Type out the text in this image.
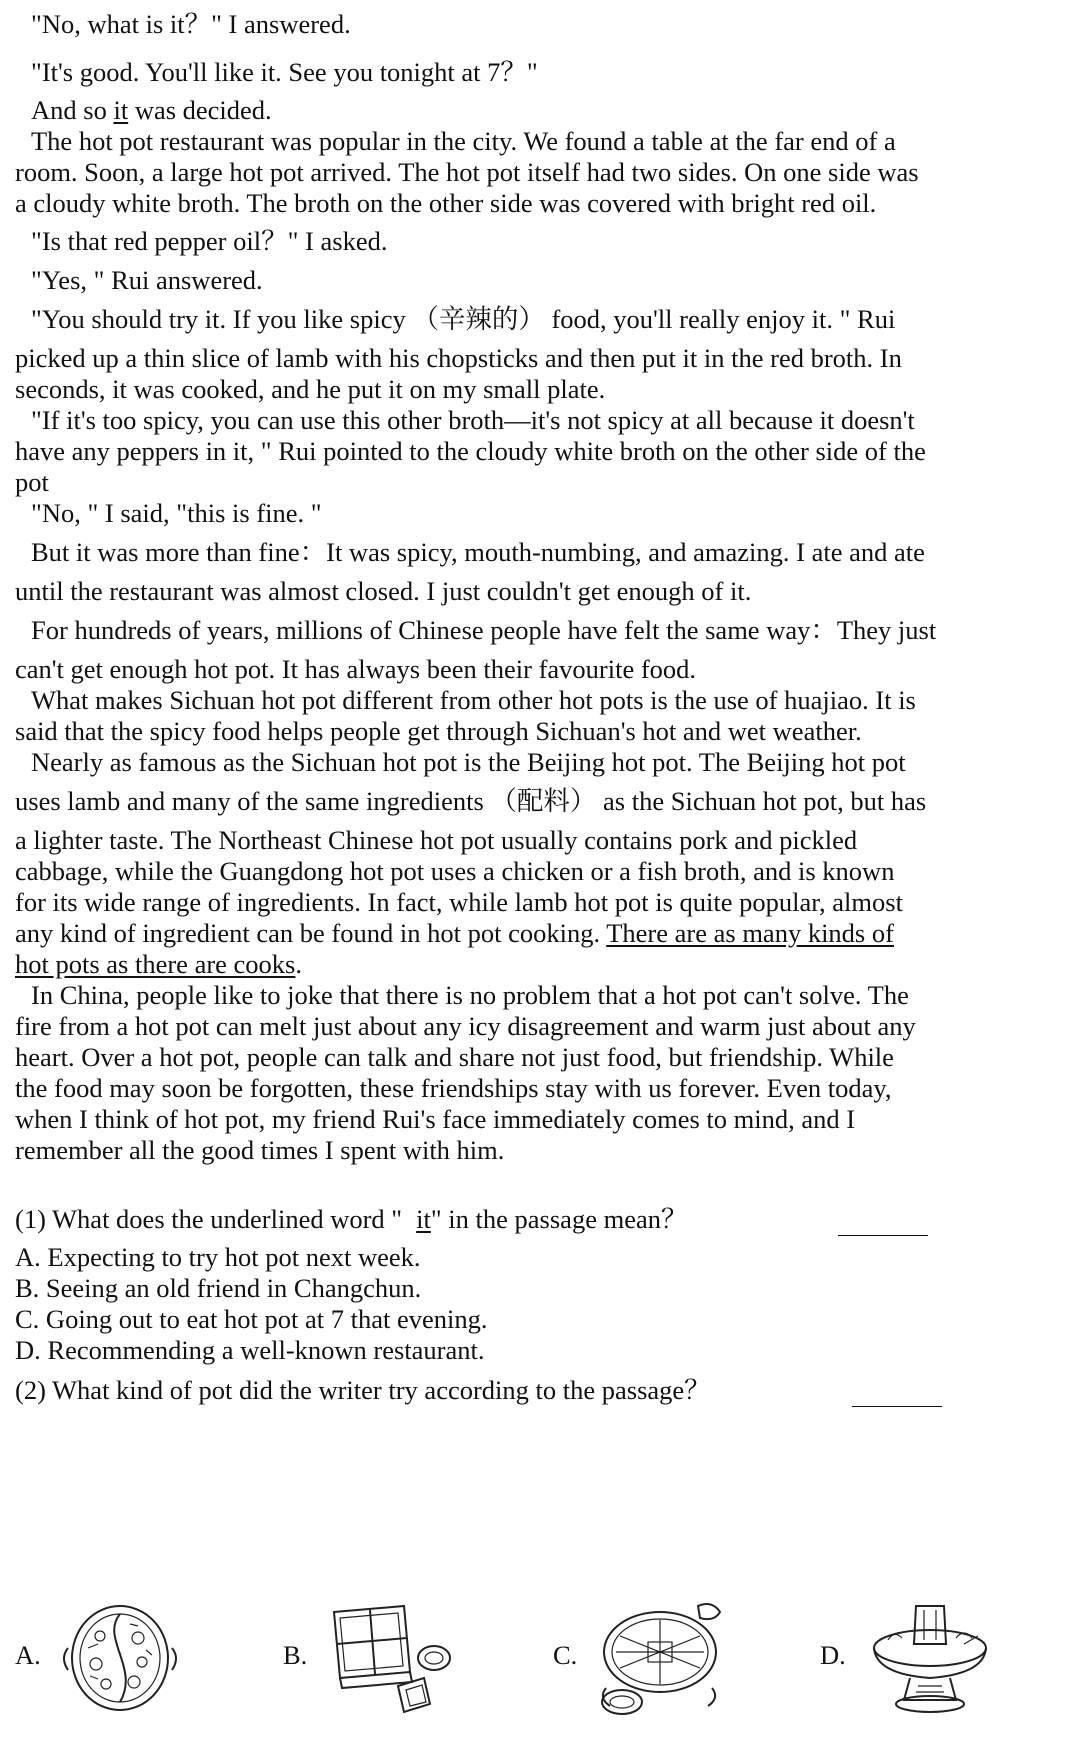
"No, what is it？" I answered.
"It's good. You'll like it. See you tonight at 7？"
And so it was decided.
The hot pot restaurant was popular in the city. We found a table at the far end of a
room. Soon, a large hot pot arrived. The hot pot itself had two sides. On one side was
a cloudy white broth. The broth on the other side was covered with bright red oil.
"Is that red pepper oil？" I asked.
"Yes, " Rui answered.
"You should try it. If you like spicy （辛辣的） food, you'll really enjoy it. " Rui
picked up a thin slice of lamb with his chopsticks and then put it in the red broth. In
seconds, it was cooked, and he put it on my small plate.
"If it's too spicy, you can use this other broth—it's not spicy at all because it doesn't
have any peppers in it, " Rui pointed to the cloudy white broth on the other side of the
pot
"No, " I said, "this is fine. "
But it was more than fine：It was spicy, mouth-numbing, and amazing. I ate and ate
until the restaurant was almost closed. I just couldn't get enough of it.
For hundreds of years, millions of Chinese people have felt the same way：They just
can't get enough hot pot. It has always been their favourite food.
What makes Sichuan hot pot different from other hot pots is the use of huajiao. It is
said that the spicy food helps people get through Sichuan's hot and wet weather.
Nearly as famous as the Sichuan hot pot is the Beijing hot pot. The Beijing hot pot
uses lamb and many of the same ingredients （配料） as the Sichuan hot pot, but has
a lighter taste. The Northeast Chinese hot pot usually contains pork and pickled
cabbage, while the Guangdong hot pot uses a chicken or a fish broth, and is known
for its wide range of ingredients. In fact, while lamb hot pot is quite popular, almost
any kind of ingredient can be found in hot pot cooking. There are as many kinds of
hot pots as there are cooks.
In China, people like to joke that there is no problem that a hot pot can't solve. The
fire from a hot pot can melt just about any icy disagreement and warm just about any
heart. Over a hot pot, people can talk and share not just food, but friendship. While
the food may soon be forgotten, these friendships stay with us forever. Even today,
when I think of hot pot, my friend Rui's face immediately comes to mind, and I
remember all the good times I spent with him.
(1) What does the underlined word " it" in the passage mean？
A. Expecting to try hot pot next week.
B. Seeing an old friend in Changchun.
C. Going out to eat hot pot at 7 that evening.
D. Recommending a well-known restaurant.
(2) What kind of pot did the writer try according to the passage？
A.	B.	C.	D.
